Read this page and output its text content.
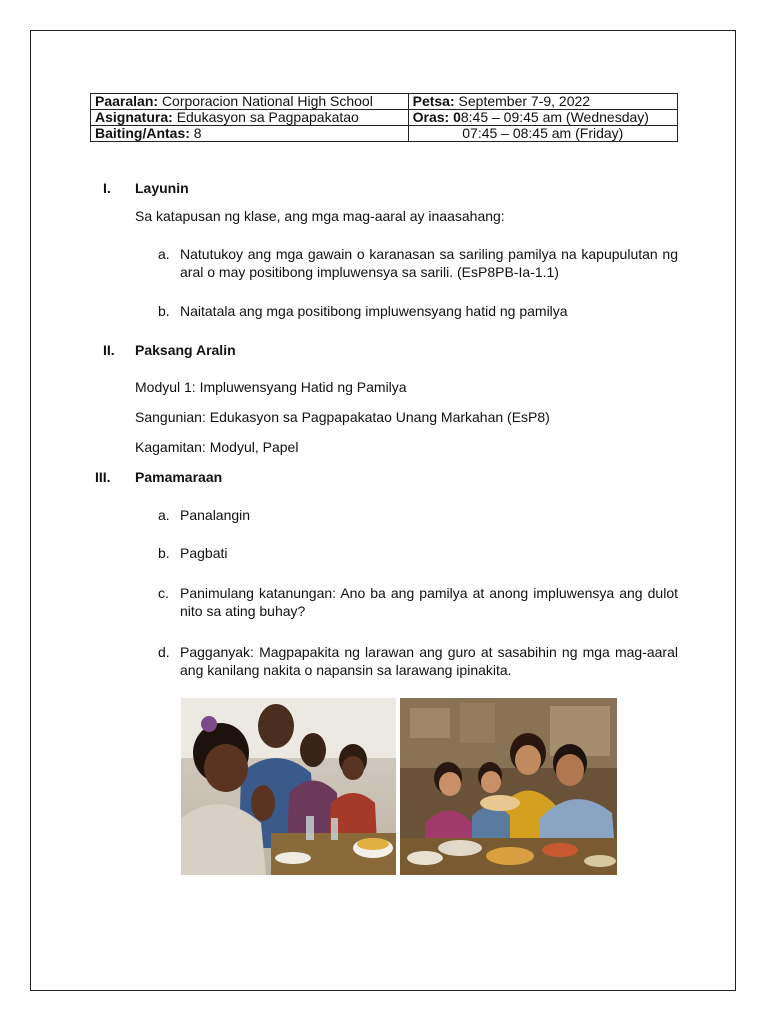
Paaralan: Corporacion National High School	Petsa: September 7-9, 2022
Asignatura: Edukasyon sa Pagpapakatao	Oras: 08:45 – 09:45 am (Wednesday)
Baiting/Antas: 8	07:45 – 08:45 am (Friday)
I. Layunin
Sa katapusan ng klase, ang mga mag-aaral ay inaasahang:
a. Natutukoy ang mga gawain o karanasan sa sariling pamilya na kapupulutan ng aral o may positibong impluwensya sa sarili. (EsP8PB-Ia-1.1)
b. Naitatala ang mga positibong impluwensyang hatid ng pamilya
II. Paksang Aralin
Modyul 1: Impluwensyang Hatid ng Pamilya
Sangunian: Edukasyon sa Pagpapakatao Unang Markahan (EsP8)
Kagamitan: Modyul, Papel
III. Pamamaraan
a. Panalangin
b. Pagbati
c. Panimulang katanungan: Ano ba ang pamilya at anong impluwensya ang dulot nito sa ating buhay?
d. Pagganyak: Magpapakita ng larawan ang guro at sasabihin ng mga mag-aaral ang kanilang nakita o napansin sa larawang ipinakita.
